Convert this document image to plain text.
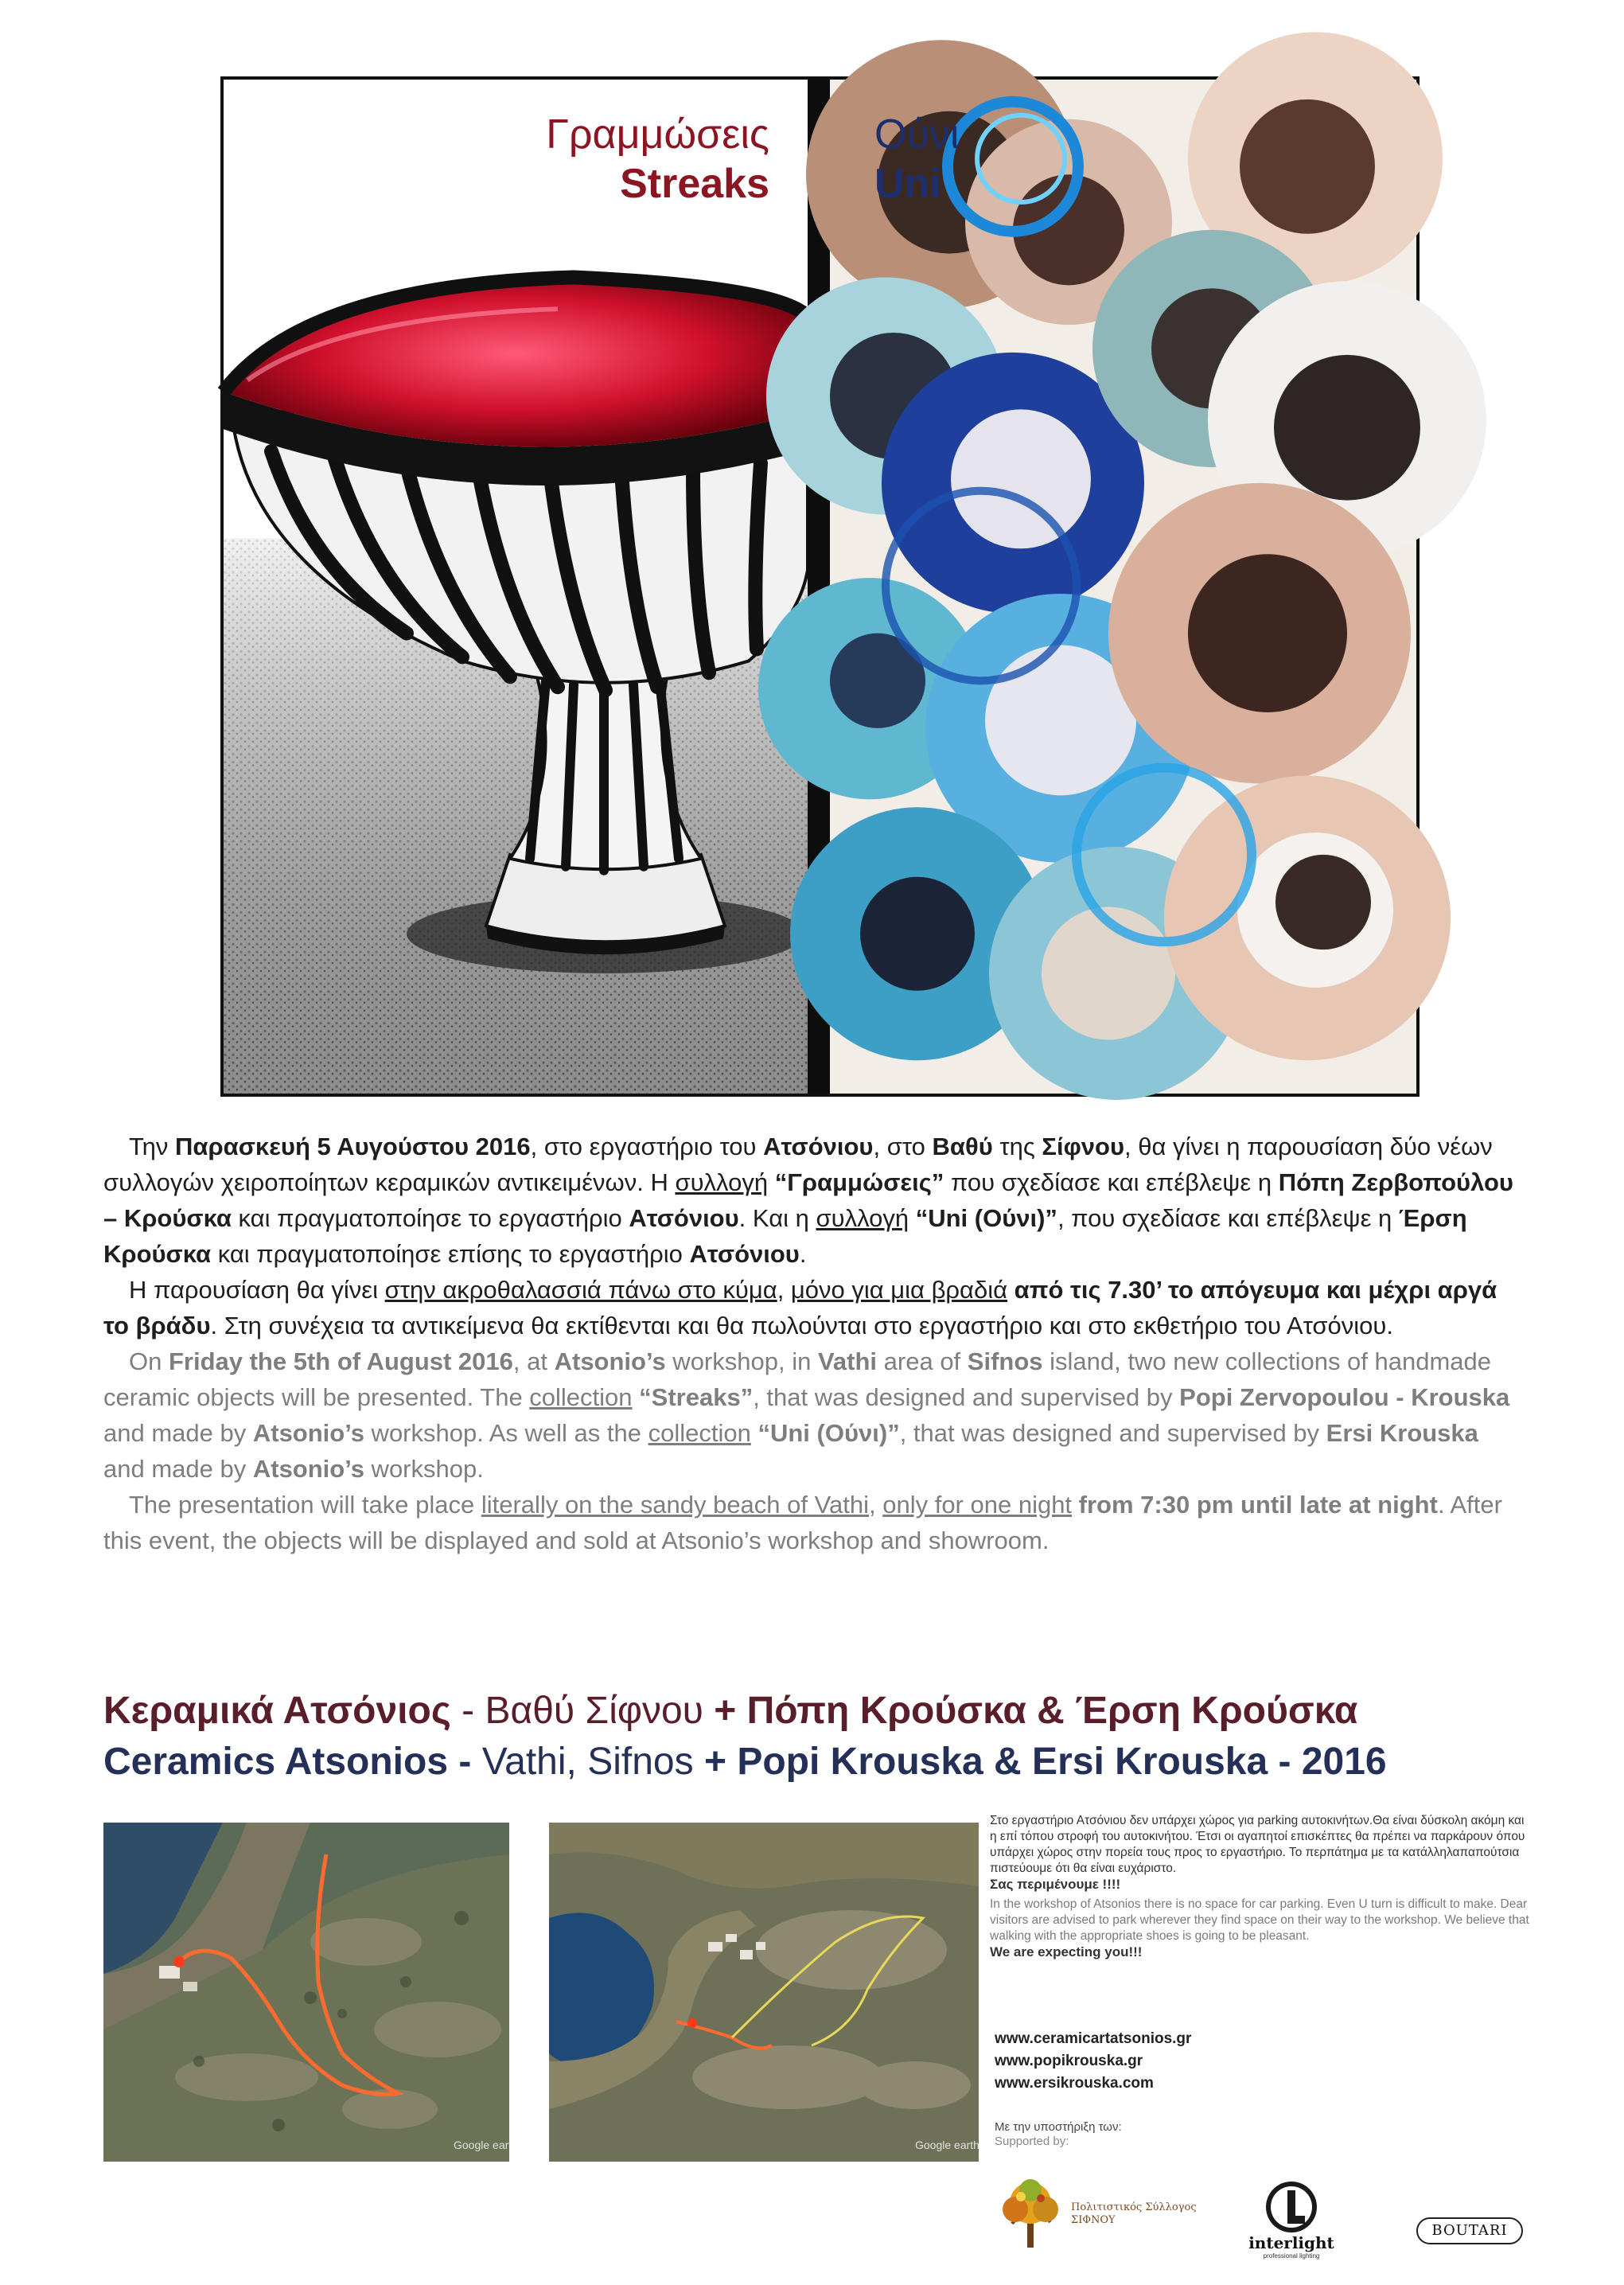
Γραμμώσεις
Streaks
Ούνι
Uni

Την Παρασκευή 5 Αυγούστου 2016, στο εργαστήριο του Ατσόνιου, στο Βαθύ της Σίφνου, θα γίνει η παρουσίαση δύο νέων συλλογών χειροποίητων κεραμικών αντικειμένων. Η συλλογή “Γραμμώσεις” που σχεδίασε και επέβλεψε η Πόπη Ζερβοπούλου – Κρούσκα και πραγματοποίησε το εργαστήριο Ατσόνιου. Και η συλλογή “Uni (Ούνι)”, που σχεδίασε και επέβλεψε η Έρση Κρούσκα και πραγματοποίησε επίσης το εργαστήριο Ατσόνιου.

Η παρουσίαση θα γίνει στην ακροθαλασσιά πάνω στο κύμα, μόνο για μια βραδιά από τις 7.30’ το απόγευμα και μέχρι αργά το βράδυ. Στη συνέχεια τα αντικείμενα θα εκτίθενται και θα πωλούνται στο εργαστήριο και στο εκθετήριο του Ατσόνιου.

On Friday the 5th of August 2016, at Atsonio’s workshop, in Vathi area of Sifnos island, two new collections of handmade ceramic objects will be presented. The collection “Streaks”, that was designed and supervised by Popi Zervopoulou - Krouska and made by Atsonio’s workshop. As well as the collection “Uni (Ούνι)”, that was designed and supervised by Ersi Krouska and made by Atsonio’s workshop.

The presentation will take place literally on the sandy beach of Vathi, only for one night from 7:30 pm until late at night. After this event, the objects will be displayed and sold at Atsonio’s workshop and showroom.

Κεραμικά Ατσόνιος - Βαθύ Σίφνου + Πόπη Κρούσκα & Έρση Κρούσκα
Ceramics Atsonios - Vathi, Sifnos + Popi Krouska & Ersi Krouska - 2016
Google earth	Google earth
Στο εργαστήριο Ατσόνιου δεν υπάρχει χώρος για parking αυτοκινήτων.Θα είναι δύσκολη ακόμη και η επί τόπου στροφή του αυτοκινήτου. Έτσι οι αγαπητοί επισκέπτες θα πρέπει να παρκάρουν όπου υπάρχει χώρος στην πορεία τους προς το εργαστήριο. Το περπάτημα με τα κατάλληλαπαπούτσια πιστεύουμε ότι θα είναι ευχάριστο.
Σας περιμένουμε !!!!
In the workshop of Atsonios there is no space for car parking. Even U turn is difficult to make. Dear visitors are advised to park wherever they find space on their way to the workshop. We believe that walking with the appropriate shoes is going to be pleasant.
We are expecting you!!!
www.ceramicartatsonios.gr
www.popikrouska.gr
www.ersikrouska.com
Με την υποστήριξη των:
Supported by:
Πολιτιστικός Σύλλογος
ΣΙΦΝΟΥ
interlight
professional lighting
BOUTARI
